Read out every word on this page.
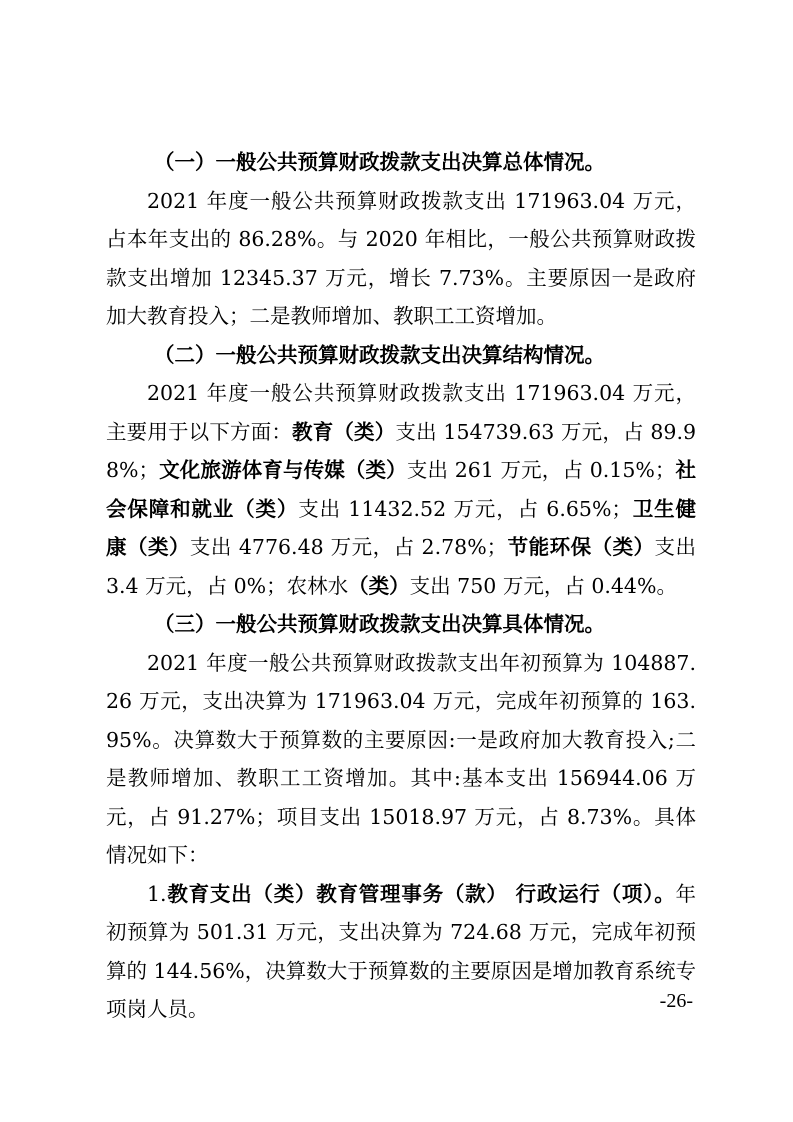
（一）一般公共预算财政拨款支出决算总体情况。

2021 年度一般公共预算财政拨款支出 171963.04 万元，占本年支出的 86.28%。与 2020 年相比，一般公共预算财政拨款支出增加 12345.37 万元，增长 7.73%。主要原因一是政府加大教育投入；二是教师增加、教职工工资增加。

（二）一般公共预算财政拨款支出决算结构情况。

2021 年度一般公共预算财政拨款支出 171963.04 万元，主要用于以下方面：教育（类）支出 154739.63 万元，占 89.98%；文化旅游体育与传媒（类）支出 261 万元，占 0.15%；社会保障和就业（类）支出 11432.52 万元，占 6.65%；卫生健康（类）支出 4776.48 万元，占 2.78%；节能环保（类）支出 3.4 万元，占 0%；农林水（类）支出 750 万元，占 0.44%。

（三）一般公共预算财政拨款支出决算具体情况。

2021 年度一般公共预算财政拨款支出年初预算为 104887.26 万元，支出决算为 171963.04 万元，完成年初预算的 163.95%。决算数大于预算数的主要原因:一是政府加大教育投入;二是教师增加、教职工工资增加。其中:基本支出 156944.06 万元，占 91.27%；项目支出 15018.97 万元，占 8.73%。具体情况如下：

1.教育支出（类）教育管理事务（款） 行政运行（项）。年初预算为 501.31 万元，支出决算为 724.68 万元，完成年初预算的 144.56%，决算数大于预算数的主要原因是增加教育系统专项岗人员。	-26-
